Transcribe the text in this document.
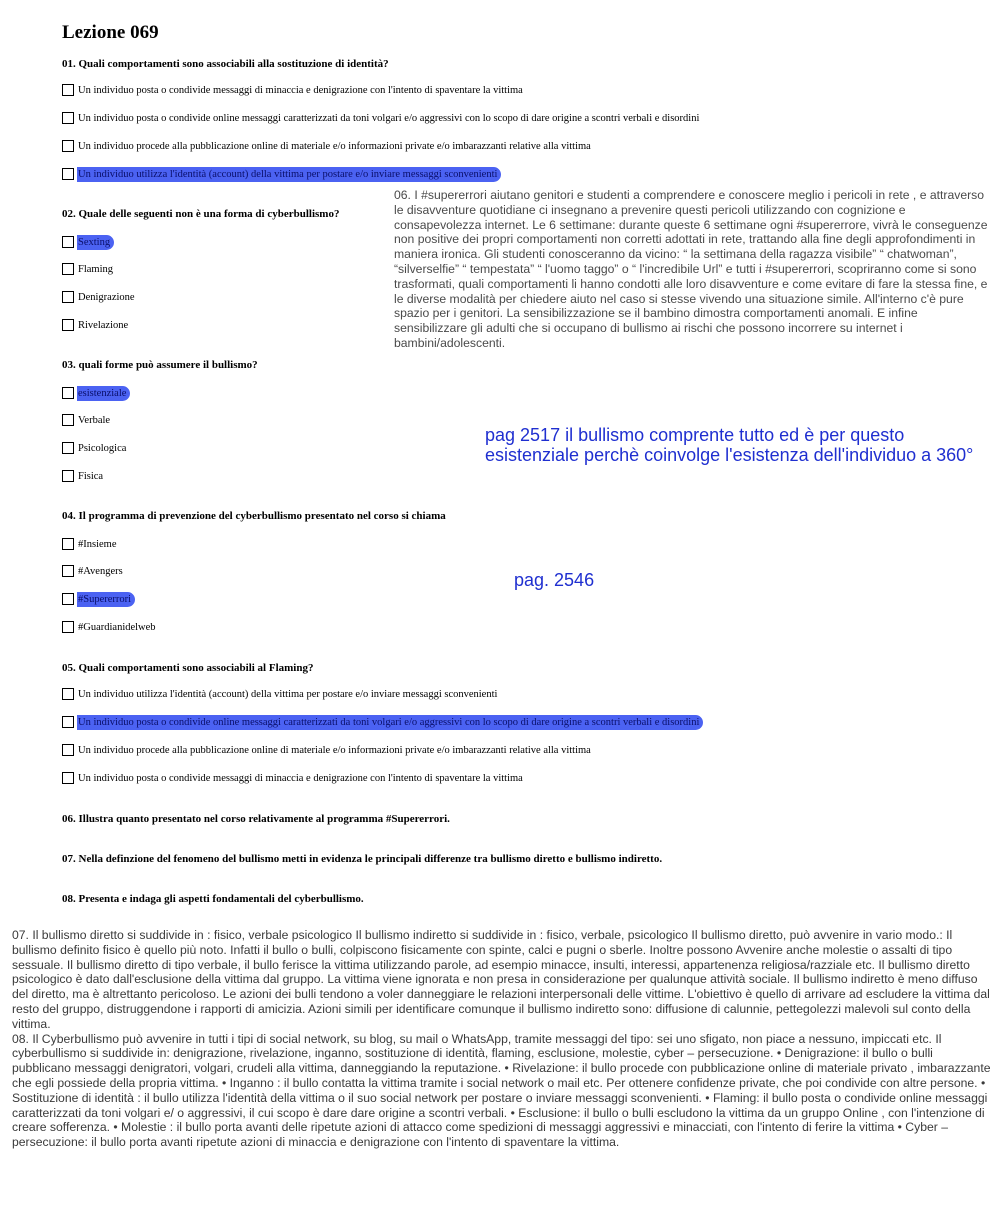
Lezione 069
01. Quali comportamenti sono associabili alla sostituzione di identità?
Un individuo posta o condivide messaggi di minaccia e denigrazione con l'intento di spaventare la vittima
Un individuo posta o condivide online messaggi caratterizzati da toni volgari e/o aggressivi con lo scopo di dare origine a scontri verbali e disordini
Un individuo procede alla pubblicazione online di materiale e/o informazioni private e/o imbarazzanti relative alla vittima
Un individuo utilizza l'identità (account) della vittima per postare e/o inviare messaggi sconvenienti
02. Quale delle seguenti non è una forma di cyberbullismo?
Sexting
Flaming
Denigrazione
Rivelazione
03. quali forme può assumere il bullismo?
esistenziale
Verbale
Psicologica
Fisica
04. Il programma di prevenzione del cyberbullismo presentato nel corso si chiama
#Insieme
#Avengers
#Supererrori
#Guardianidelweb
05. Quali comportamenti sono associabili al Flaming?
Un individuo utilizza l'identità (account) della vittima per postare e/o inviare messaggi sconvenienti
Un individuo posta o condivide online messaggi caratterizzati da toni volgari e/o aggressivi con lo scopo di dare origine a scontri verbali e disordini
Un individuo procede alla pubblicazione online di materiale e/o informazioni private e/o imbarazzanti relative alla vittima
Un individuo posta o condivide messaggi di minaccia e denigrazione con l'intento di spaventare la vittima
06. Illustra quanto presentato nel corso relativamente al programma #Supererrori.
07. Nella definzione del fenomeno del bullismo metti in evidenza le principali differenze tra bullismo diretto e bullismo indiretto.
08. Presenta e indaga gli aspetti fondamentali del cyberbullismo.
06. I #supererrori aiutano genitori e studenti a comprendere e conoscere meglio i pericoli in rete , e attraverso le disavventure quotidiane ci insegnano a prevenire questi pericoli utilizzando con cognizione e consapevolezza internet. Le 6 settimane: durante queste 6 settimane ogni #supererrore, vivrà le conseguenze non positive dei propri comportamenti non corretti adottati in rete, trattando alla fine degli approfondimenti in maniera ironica. Gli studenti conosceranno da vicino: “ la settimana della ragazza visibile” “ chatwoman”, “silverselfie” “ tempestata” “ l'uomo taggo” o “ l'incredibile Url” e tutti i #supererrori, scopriranno come si sono trasformati, quali comportamenti li hanno condotti alle loro disavventure e come evitare di fare la stessa fine, e le diverse modalità per chiedere aiuto nel caso si stesse vivendo una situazione simile. All'interno c'è pure spazio per i genitori. La sensibilizzazione se il bambino dimostra comportamenti anomali. E infine sensibilizzare gli adulti che si occupano di bullismo ai rischi che possono incorrere su internet i bambini/adolescenti.
pag 2517 il bullismo comprente tutto ed è per questo esistenziale perchè coinvolge l'esistenza dell'individuo a 360°
pag. 2546

07. Il bullismo diretto si suddivide in : fisico, verbale psicologico Il bullismo indiretto si suddivide in : fisico, verbale, psicologico Il bullismo diretto, può avvenire in vario modo.: Il bullismo definito fisico è quello più noto. Infatti il bullo o bulli, colpiscono fisicamente con spinte, calci e pugni o sberle. Inoltre possono Avvenire anche molestie o assalti di tipo sessuale. Il bullismo diretto di tipo verbale, il bullo ferisce la vittima utilizzando parole, ad esempio minacce, insulti, interessi, appartenenza religiosa/razziale etc. Il bullismo diretto psicologico è dato dall'esclusione della vittima dal gruppo. La vittima viene ignorata e non presa in considerazione per qualunque attività sociale. Il bullismo indiretto è meno diffuso del diretto, ma è altrettanto pericoloso. Le azioni dei bulli tendono a voler danneggiare le relazioni interpersonali delle vittime. L'obiettivo è quello di arrivare ad escludere la vittima dal resto del gruppo, distruggendone i rapporti di amicizia. Azioni simili per identificare comunque il bullismo indiretto sono: diffusione di calunnie, pettegolezzi malevoli sul conto della vittima.

08. Il Cyberbullismo può avvenire in tutti i tipi di social network, su blog, su mail o WhatsApp, tramite messaggi del tipo: sei uno sfigato, non piace a nessuno, impiccati etc. Il cyberbullismo si suddivide in: denigrazione, rivelazione, inganno, sostituzione di identità, flaming, esclusione, molestie, cyber – persecuzione. • Denigrazione: il bullo o bulli pubblicano messaggi denigratori, volgari, crudeli alla vittima, danneggiando la reputazione. • Rivelazione: il bullo procede con pubblicazione online di materiale privato , imbarazzante che egli possiede della propria vittima. • Inganno : il bullo contatta la vittima tramite i social network o mail etc. Per ottenere confidenze private, che poi condivide con altre persone. • Sostituzione di identità : il bullo utilizza l'identità della vittima o il suo social network per postare o inviare messaggi sconvenienti. • Flaming: il bullo posta o condivide online messaggi caratterizzati da toni volgari e/ o aggressivi, il cui scopo è dare dare origine a scontri verbali. • Esclusione: il bullo o bulli escludono la vittima da un gruppo Online , con l'intenzione di creare sofferenza. • Molestie : il bullo porta avanti delle ripetute azioni di attacco come spedizioni di messaggi aggressivi e minacciati, con l'intento di ferire la vittima • Cyber – persecuzione: il bullo porta avanti ripetute azioni di minaccia e denigrazione con l'intento di spaventare la vittima.
